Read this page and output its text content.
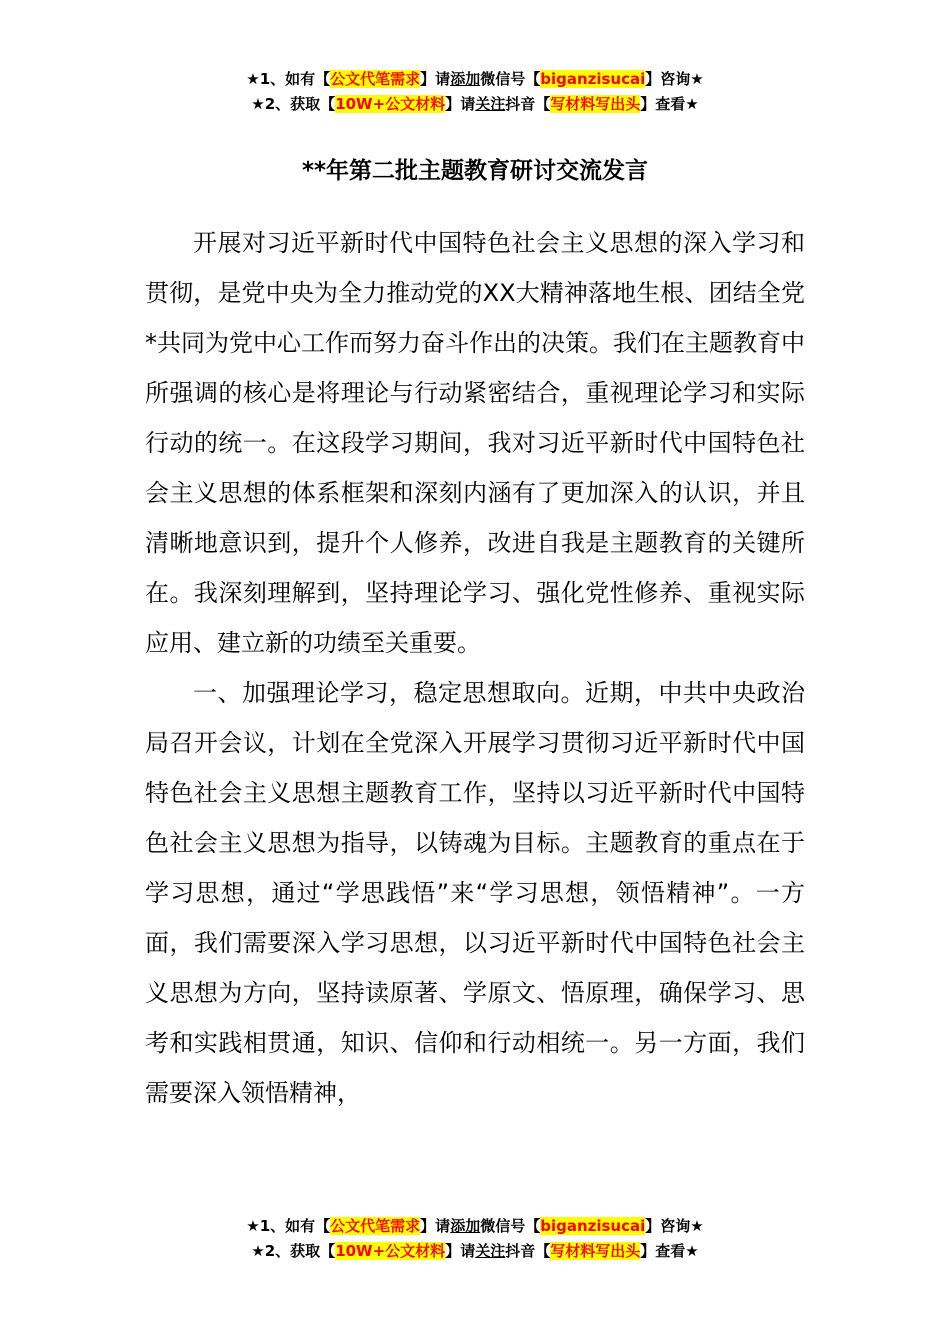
★1、如有【公文代笔需求】请添加微信号【biganzisucai】咨询★
★2、获取【10W+公文材料】请关注抖音【写材料写出头】查看★
**年第二批主题教育研讨交流发言

开展对习近平新时代中国特色社会主义思想的深入学习和贯彻，是党中央为全力推动党的XX大精神落地生根、团结全党*共同为党中心工作而努力奋斗作出的决策。我们在主题教育中所强调的核心是将理论与行动紧密结合，重视理论学习和实际行动的统一。在这段学习期间，我对习近平新时代中国特色社会主义思想的体系框架和深刻内涵有了更加深入的认识，并且清晰地意识到，提升个人修养，改进自我是主题教育的关键所在。我深刻理解到，坚持理论学习、强化党性修养、重视实际应用、建立新的功绩至关重要。

一、加强理论学习，稳定思想取向。近期，中共中央政治局召开会议，计划在全党深入开展学习贯彻习近平新时代中国特色社会主义思想主题教育工作，坚持以习近平新时代中国特色社会主义思想为指导，以铸魂为目标。主题教育的重点在于学习思想，通过“学思践悟”来“学习思想，领悟精神”。一方面，我们需要深入学习思想，以习近平新时代中国特色社会主义思想为方向，坚持读原著、学原文、悟原理，确保学习、思考和实践相贯通，知识、信仰和行动相统一。另一方面，我们需要深入领悟精神，

★1、如有【公文代笔需求】请添加微信号【biganzisucai】咨询★
★2、获取【10W+公文材料】请关注抖音【写材料写出头】查看★
